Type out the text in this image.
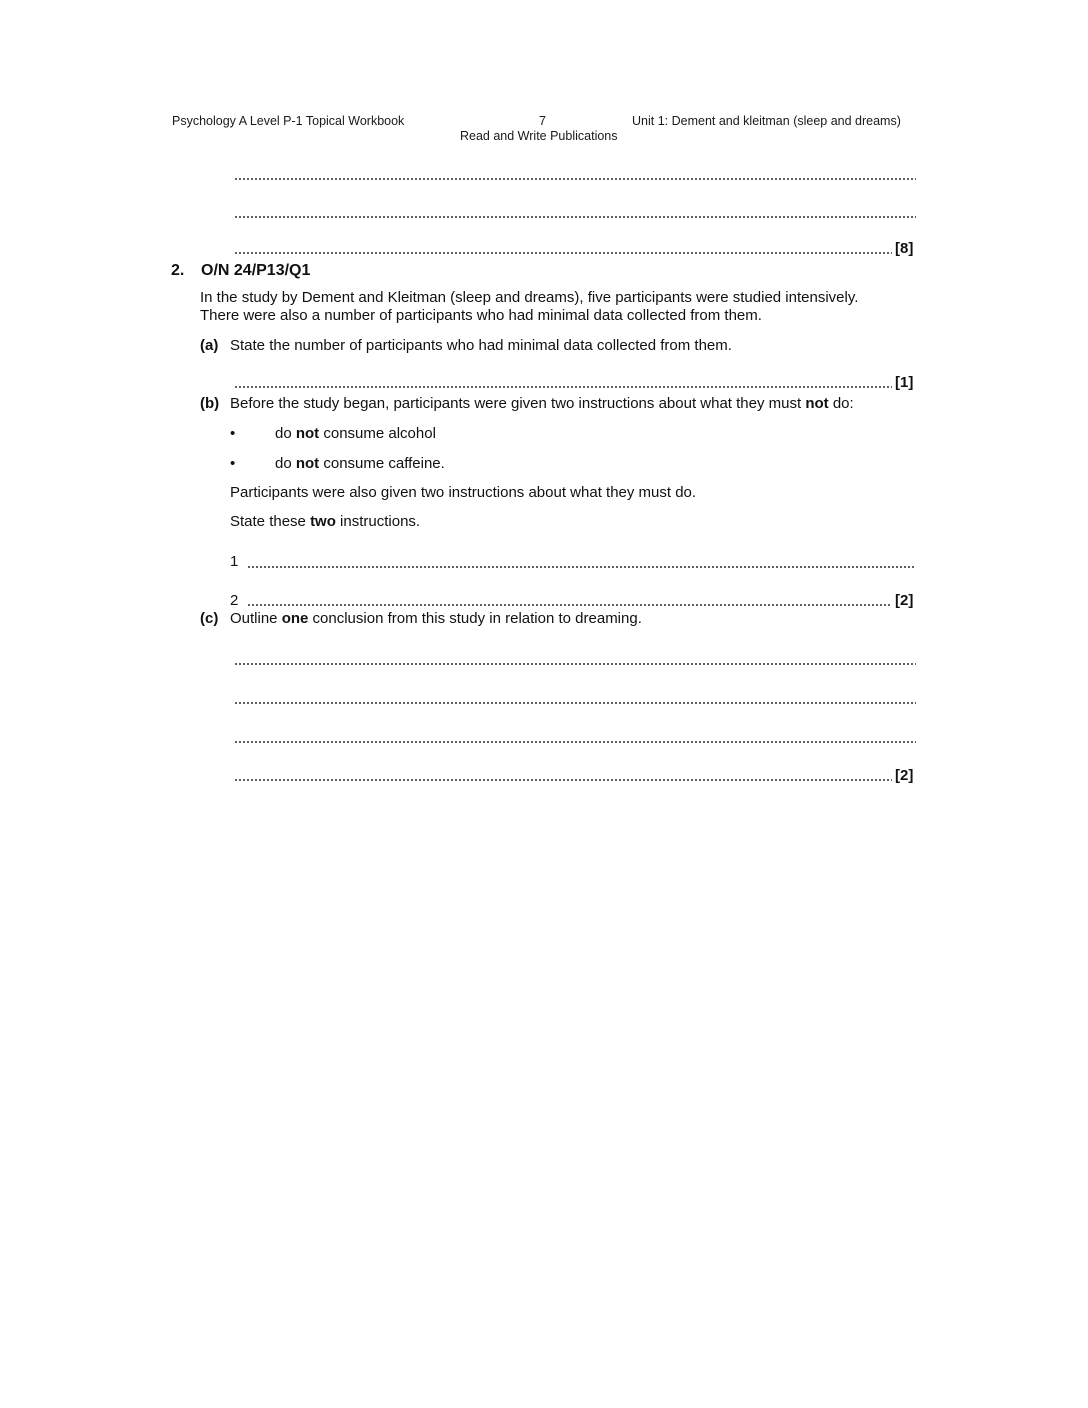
Psychology A Level P-1 Topical Workbook	7
Read and Write Publications
Unit 1: Dement and kleitman (sleep and dreams)
[8]
2. O/N 24/P13/Q1
In the study by Dement and Kleitman (sleep and dreams), five participants were studied intensively.
There were also a number of participants who had minimal data collected from them.
(a) State the number of participants who had minimal data collected from them.
[1]
(b) Before the study began, participants were given two instructions about what they must not do:
•	do not consume alcohol
•	do not consume caffeine.
Participants were also given two instructions about what they must do.
State these two instructions.
1
2	[2]
(c) Outline one conclusion from this study in relation to dreaming.
[2]
